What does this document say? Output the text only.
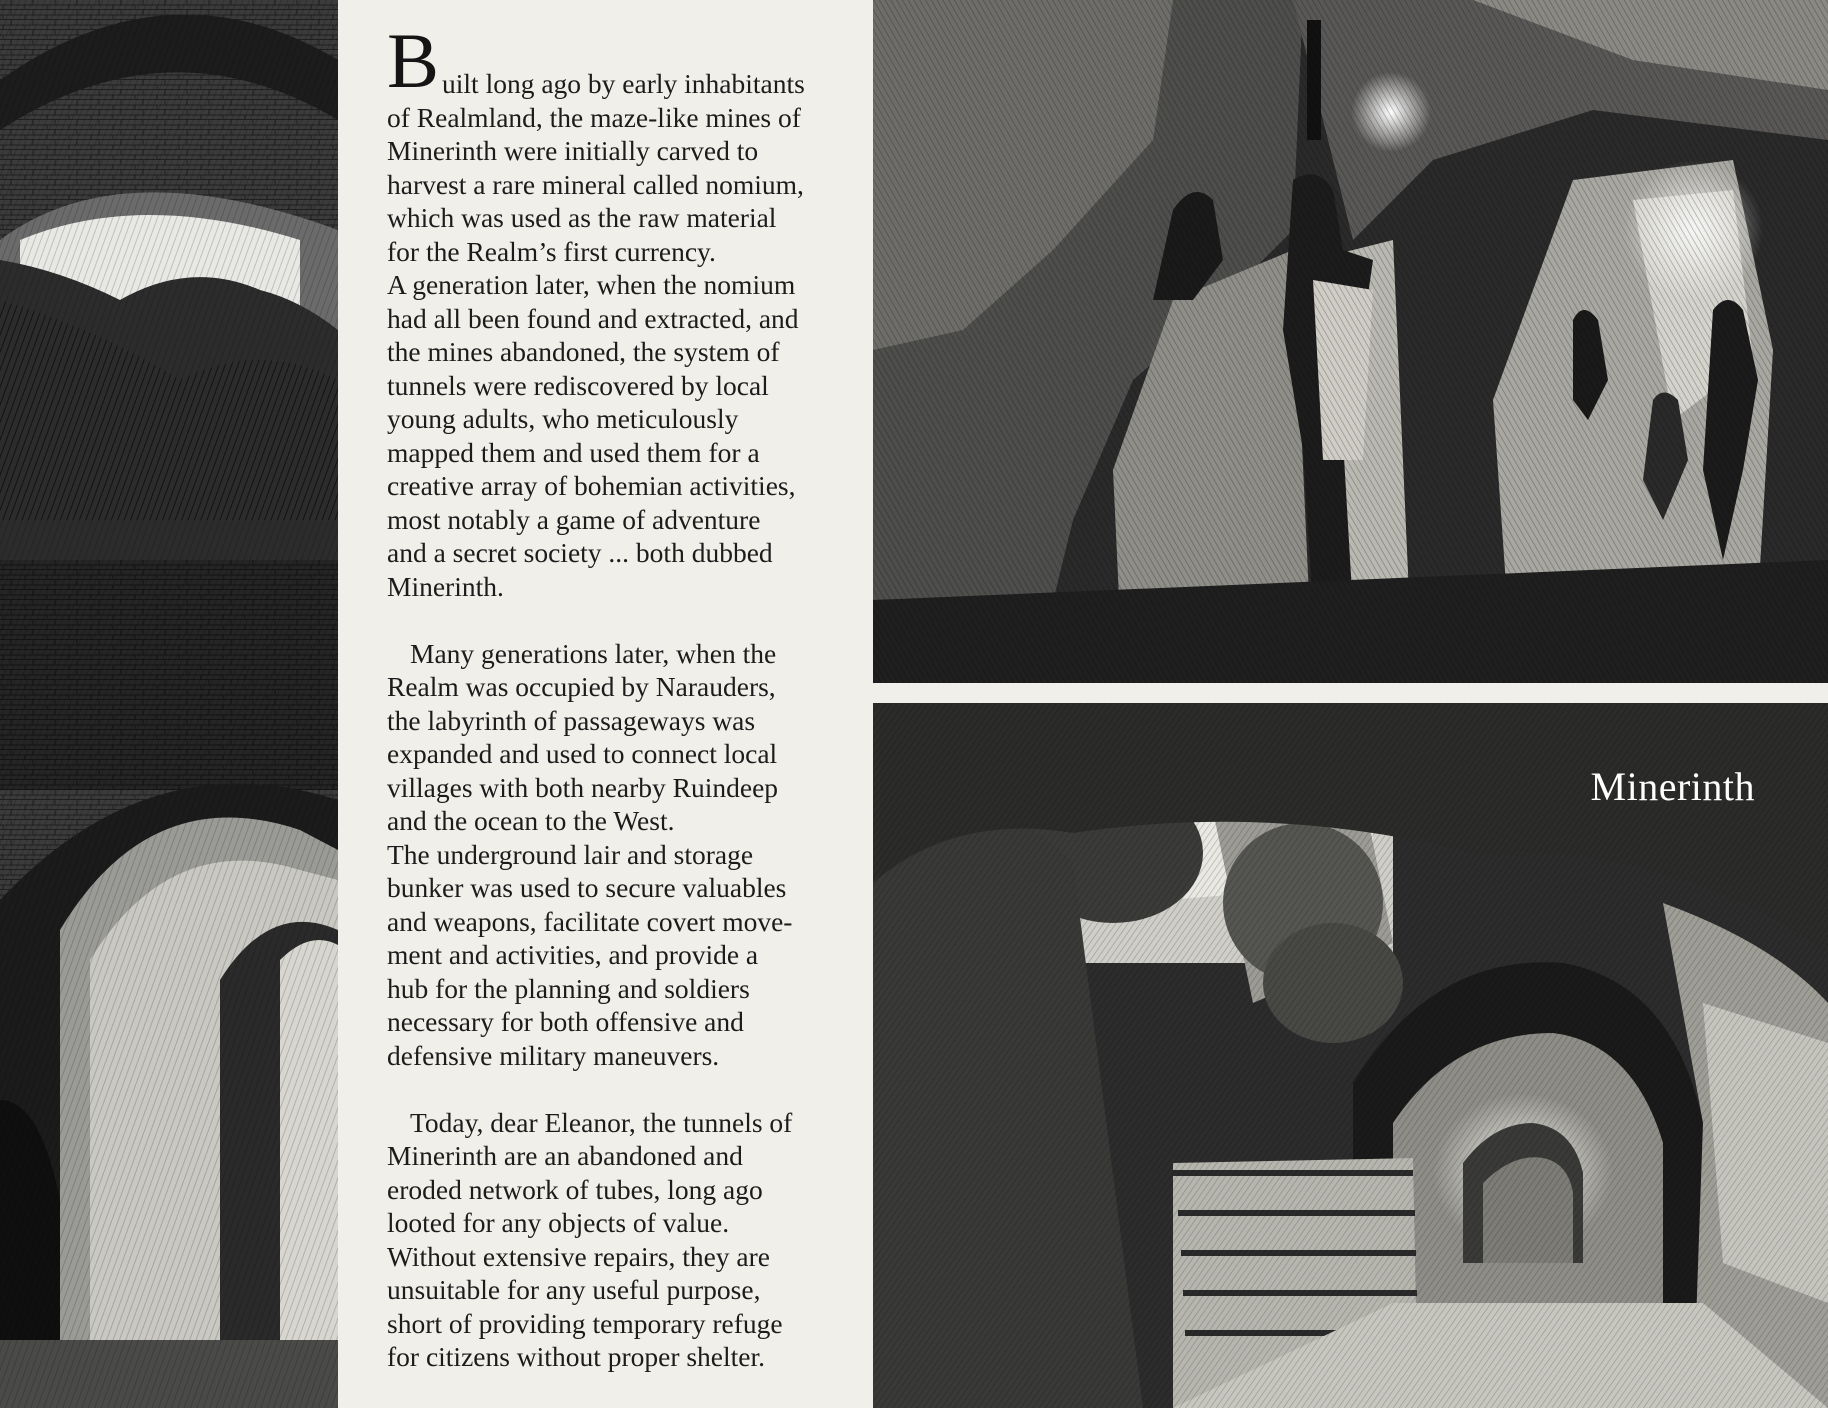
B uilt long ago by early inhabitants
of Realmland, the maze-like mines of
Minerinth were initially carved to
harvest a rare mineral called nomium,
which was used as the raw material
for the Realm’s first currency.
A generation later, when the nomium
had all been found and extracted, and
the mines abandoned, the system of
tunnels were rediscovered by local
young adults, who meticulously
mapped them and used them for a
creative array of bohemian activities,
most notably a game of adventure
and a secret society ... both dubbed
Minerinth.
Many generations later, when the
Realm was occupied by Narauders,
the labyrinth of passageways was
expanded and used to connect local
villages with both nearby Ruindeep
and the ocean to the West.
The underground lair and storage
bunker was used to secure valuables
and weapons, facilitate covert move-
ment and activities, and provide a
hub for the planning and soldiers
necessary for both offensive and
defensive military maneuvers.
Today, dear Eleanor, the tunnels of
Minerinth are an abandoned and
eroded network of tubes, long ago
looted for any objects of value.
Without extensive repairs, they are
unsuitable for any useful purpose,
short of providing temporary refuge
for citizens without proper shelter.
Minerinth
